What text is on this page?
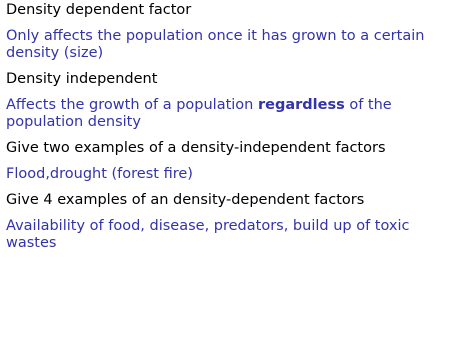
Density dependent factor

Only affects the population once it has grown to a certain density (size)

Density independent

Affects the growth of a population regardless of the population density

Give two examples of a density-independent factors

Flood,drought (forest fire)

Give 4 examples of an density-dependent factors

Availability of food, disease, predators, build up of toxic wastes
